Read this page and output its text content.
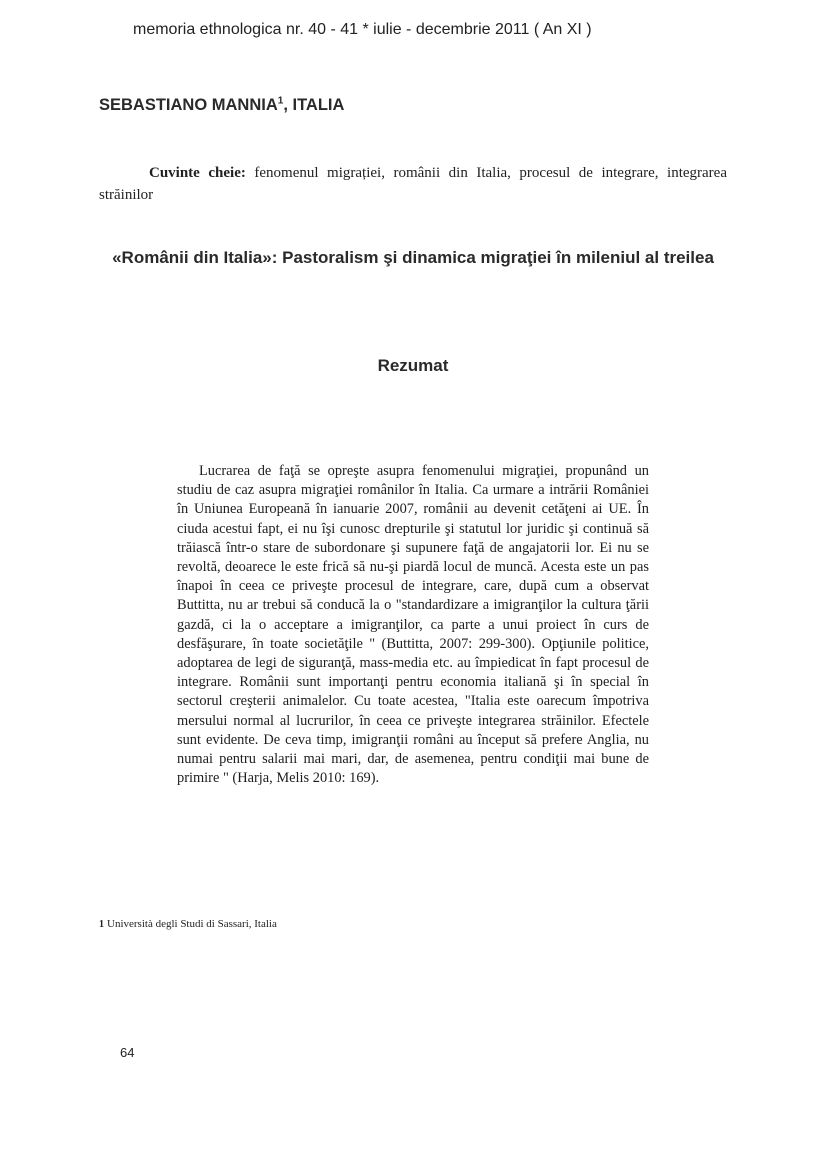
memoria ethnologica nr. 40 - 41 * iulie - decembrie 2011 ( An XI )
SEBASTIANO MANNIA$^1$, ITALIA
Cuvinte cheie: fenomenul migrației, românii din Italia, procesul de integrare, integrarea străinilor
«Românii din Italia»: Pastoralism şi dinamica migraţiei în mileniul al treilea
Rezumat
Lucrarea de faţă se opreşte asupra fenomenului migraţiei, propunând un studiu de caz asupra migraţiei românilor în Italia. Ca urmare a intrării României în Uniunea Europeană în ianuarie 2007, românii au devenit cetăţeni ai UE. În ciuda acestui fapt, ei nu îşi cunosc drepturile şi statutul lor juridic şi continuă să trăiască într-o stare de subordonare şi supunere faţă de angajatorii lor. Ei nu se revoltă, deoarece le este frică să nu-şi piardă locul de muncă. Acesta este un pas înapoi în ceea ce priveşte procesul de integrare, care, după cum a observat Buttitta, nu ar trebui să conducă la o "standardizare a imigranţilor la cultura ţării gazdă, ci la o acceptare a imigranţilor, ca parte a unui proiect în curs de desfăşurare, în toate societăţile " (Buttitta, 2007: 299-300). Opţiunile politice, adoptarea de legi de siguranţă, mass-media etc. au împiedicat în fapt procesul de integrare. Românii sunt importanţi pentru economia italiană şi în special în sectorul creşterii animalelor. Cu toate acestea, "Italia este oarecum împotriva mersului normal al lucrurilor, în ceea ce priveşte integrarea străinilor. Efectele sunt evidente. De ceva timp, imigranţii români au început să prefere Anglia, nu numai pentru salarii mai mari, dar, de asemenea, pentru condiţii mai bune de primire " (Harja, Melis 2010: 169).
1 Università degli Studi di Sassari, Italia
64
